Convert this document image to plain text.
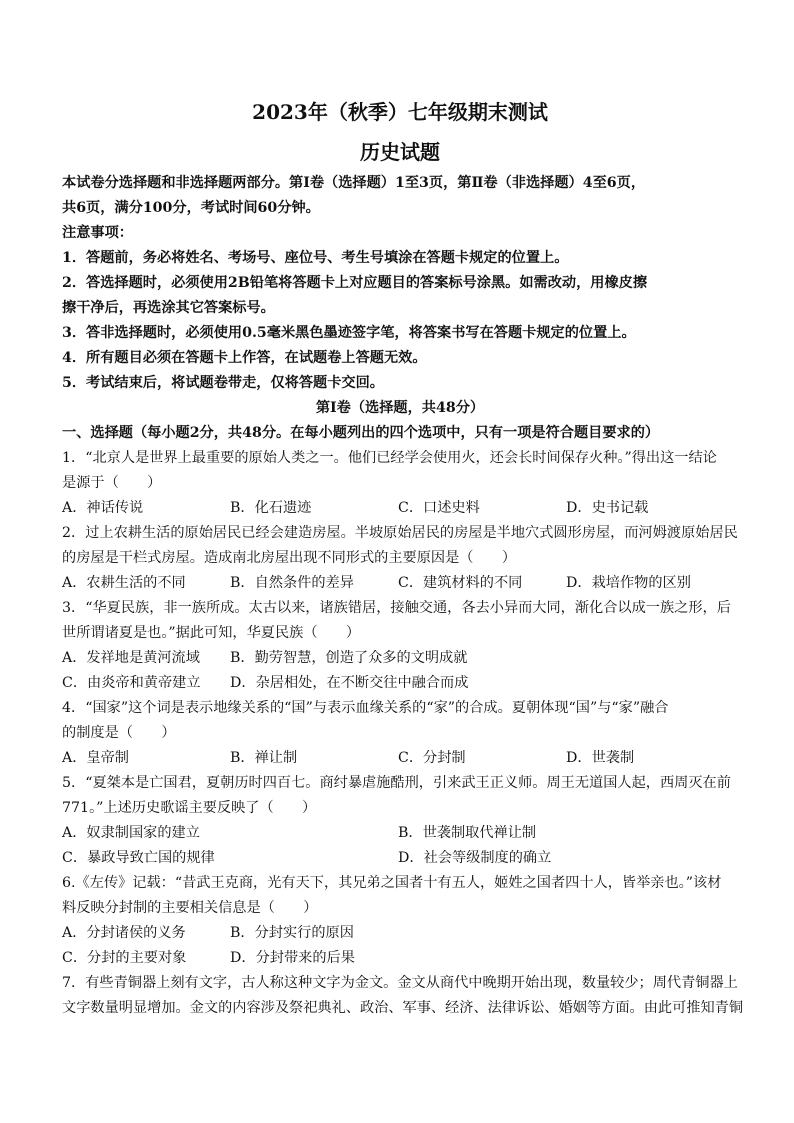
2023年（秋季）七年级期末测试
历史试题
本试卷分选择题和非选择题两部分。第Ⅰ卷（选择题）1至3页，第Ⅱ卷（非选择题）4至6页，
共6页，满分100分，考试时间60分钟。
注意事项：
1．答题前，务必将姓名、考场号、座位号、考生号填涂在答题卡规定的位置上。
2．答选择题时，必须使用2B铅笔将答题卡上对应题目的答案标号涂黑。如需改动，用橡皮擦
擦干净后，再选涂其它答案标号。
3．答非选择题时，必须使用0.5毫米黑色墨迹签字笔，将答案书写在答题卡规定的位置上。
4．所有题目必须在答题卡上作答，在试题卷上答题无效。
5．考试结束后，将试题卷带走，仅将答题卡交回。
第Ⅰ卷（选择题，共48分）
一、选择题（每小题2分，共48分。在每小题列出的四个选项中，只有一项是符合题目要求的）
1．“北京人是世界上最重要的原始人类之一。他们已经学会使用火，还会长时间保存火种。”得出这一结论
是源于（　　）
A．神话传说	B．化石遗迹	C．口述史料	D．史书记载
2．过上农耕生活的原始居民已经会建造房屋。半坡原始居民的房屋是半地穴式圆形房屋，而河姆渡原始居民
的房屋是干栏式房屋。造成南北房屋出现不同形式的主要原因是（　　）
A．农耕生活的不同	B．自然条件的差异	C．建筑材料的不同	D．栽培作物的区别
3．“华夏民族，非一族所成。太古以来，诸族错居，接触交通，各去小异而大同，渐化合以成一族之形，后
世所谓诸夏是也。”据此可知，华夏民族（　　）
A．发祥地是黄河流域 B．勤劳智慧，创造了众多的文明成就
C．由炎帝和黄帝建立 D．杂居相处，在不断交往中融合而成
4．“国家”这个词是表示地缘关系的“国”与表示血缘关系的“家”的合成。夏朝体现“国”与“家”融合
的制度是（　　）
A．皇帝制	B．禅让制	C．分封制	D．世袭制
5．“夏桀本是亡国君，夏朝历时四百七。商纣暴虐施酷刑，引来武王正义师。周王无道国人起，西周灭在前
771。”上述历史歌谣主要反映了（　　）
A．奴隶制国家的建立	B．世袭制取代禅让制
C．暴政导致亡国的规律	D．社会等级制度的确立
6.《左传》记载：“昔武王克商，光有天下，其兄弟之国者十有五人，姬姓之国者四十人，皆举亲也。”该材
料反映分封制的主要相关信息是（　　）
A．分封诸侯的义务	B．分封实行的原因
C．分封的主要对象	D．分封带来的后果
7．有些青铜器上刻有文字，古人称这种文字为金文。金文从商代中晚期开始出现，数量较少；周代青铜器上
文字数量明显增加。金文的内容涉及祭祀典礼、政治、军事、经济、法律诉讼、婚姻等方面。由此可推知青铜
